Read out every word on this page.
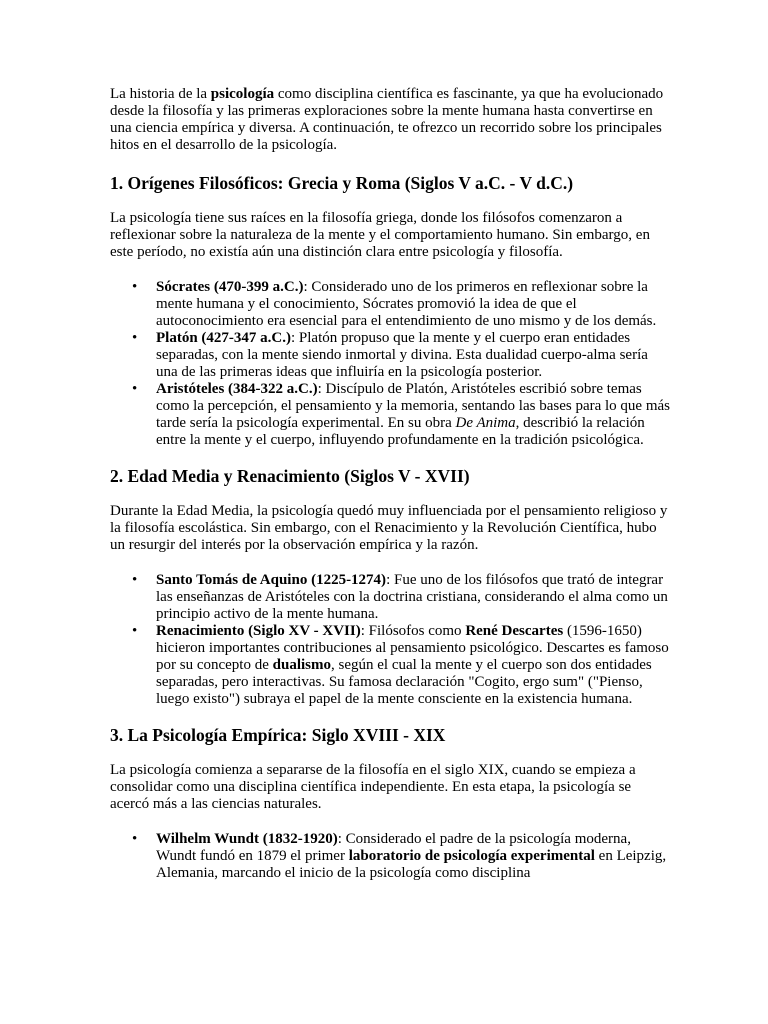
La historia de la psicología como disciplina científica es fascinante, ya que ha evolucionado desde la filosofía y las primeras exploraciones sobre la mente humana hasta convertirse en una ciencia empírica y diversa. A continuación, te ofrezco un recorrido sobre los principales hitos en el desarrollo de la psicología.

1. Orígenes Filosóficos: Grecia y Roma (Siglos V a.C. - V d.C.)

La psicología tiene sus raíces en la filosofía griega, donde los filósofos comenzaron a reflexionar sobre la naturaleza de la mente y el comportamiento humano. Sin embargo, en este período, no existía aún una distinción clara entre psicología y filosofía.

• Sócrates (470-399 a.C.): Considerado uno de los primeros en reflexionar sobre la mente humana y el conocimiento, Sócrates promovió la idea de que el autoconocimiento era esencial para el entendimiento de uno mismo y de los demás.
• Platón (427-347 a.C.): Platón propuso que la mente y el cuerpo eran entidades separadas, con la mente siendo inmortal y divina. Esta dualidad cuerpo-alma sería una de las primeras ideas que influiría en la psicología posterior.
• Aristóteles (384-322 a.C.): Discípulo de Platón, Aristóteles escribió sobre temas como la percepción, el pensamiento y la memoria, sentando las bases para lo que más tarde sería la psicología experimental. En su obra De Anima, describió la relación entre la mente y el cuerpo, influyendo profundamente en la tradición psicológica.
2. Edad Media y Renacimiento (Siglos V - XVII)

Durante la Edad Media, la psicología quedó muy influenciada por el pensamiento religioso y la filosofía escolástica. Sin embargo, con el Renacimiento y la Revolución Científica, hubo un resurgir del interés por la observación empírica y la razón.

• Santo Tomás de Aquino (1225-1274): Fue uno de los filósofos que trató de integrar las enseñanzas de Aristóteles con la doctrina cristiana, considerando el alma como un principio activo de la mente humana.
• Renacimiento (Siglo XV - XVII): Filósofos como René Descartes (1596-1650) hicieron importantes contribuciones al pensamiento psicológico. Descartes es famoso por su concepto de dualismo, según el cual la mente y el cuerpo son dos entidades separadas, pero interactivas. Su famosa declaración "Cogito, ergo sum" ("Pienso, luego existo") subraya el papel de la mente consciente en la existencia humana.
3. La Psicología Empírica: Siglo XVIII - XIX

La psicología comienza a separarse de la filosofía en el siglo XIX, cuando se empieza a consolidar como una disciplina científica independiente. En esta etapa, la psicología se acercó más a las ciencias naturales.

• Wilhelm Wundt (1832-1920): Considerado el padre de la psicología moderna, Wundt fundó en 1879 el primer laboratorio de psicología experimental en Leipzig, Alemania, marcando el inicio de la psicología como disciplina
